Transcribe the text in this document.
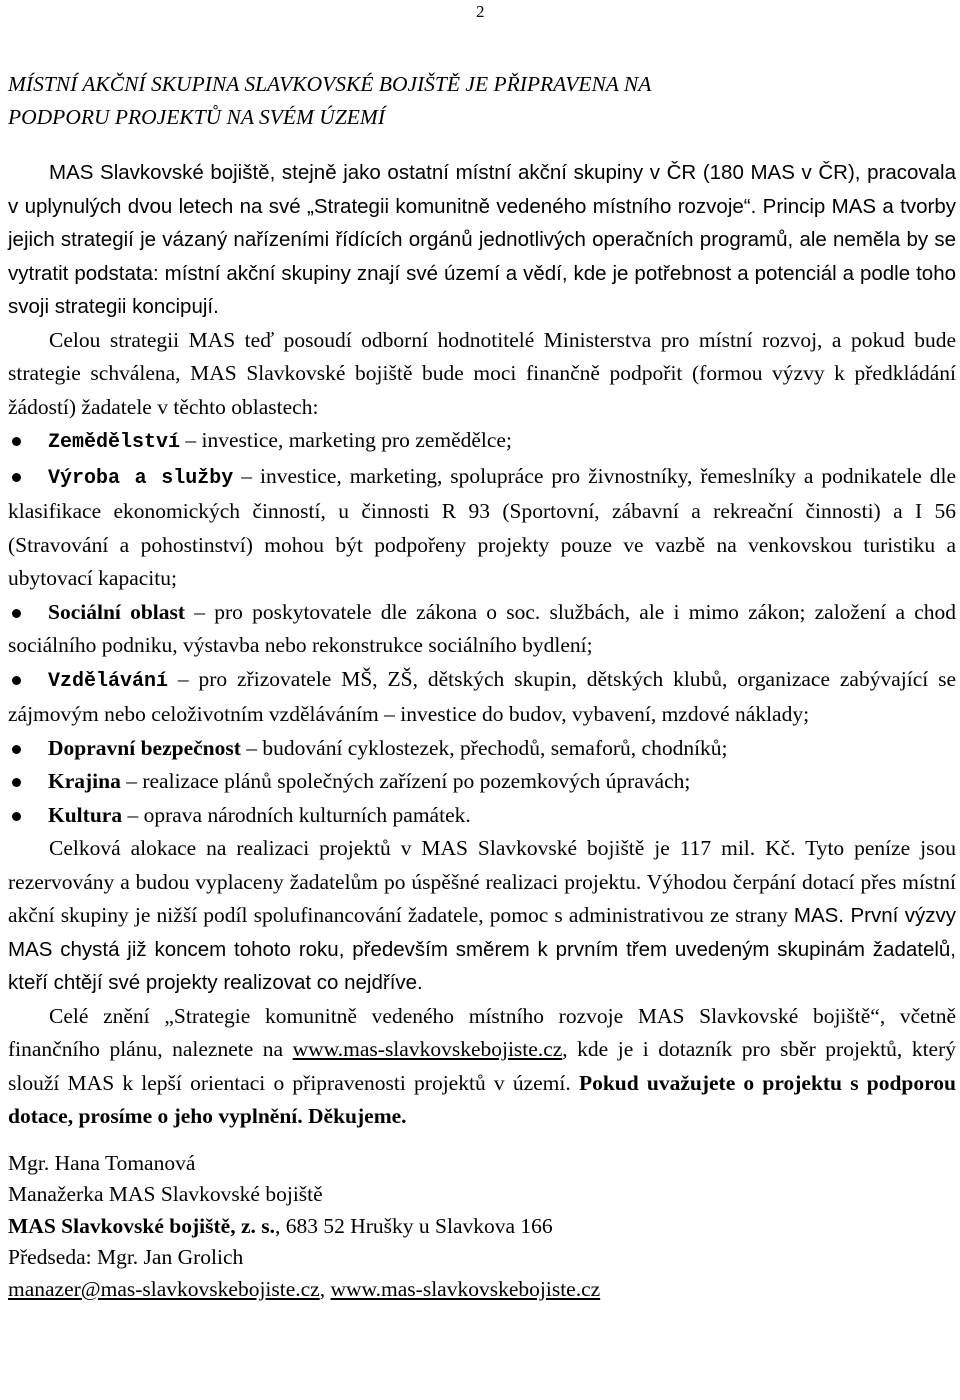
2
MÍSTNÍ AKČNÍ SKUPINA SLAVKOVSKÉ BOJIŠTĚ JE PŘIPRAVENA NA
PODPORU PROJEKTŮ NA SVÉM ÚZEMÍ

MAS Slavkovské bojiště, stejně jako ostatní místní akční skupiny v ČR (180 MAS v ČR), pracovala v uplynulých dvou letech na své „Strategii komunitně vedeného místního rozvoje“. Princip MAS a tvorby jejich strategií je vázaný nařízeními řídících orgánů jednotlivých operačních programů, ale neměla by se vytratit podstata: místní akční skupiny znají své území a vědí, kde je potřebnost a potenciál a podle toho svoji strategii koncipují.

Celou strategii MAS teď posoudí odborní hodnotitelé Ministerstva pro místní rozvoj, a pokud bude strategie schválena, MAS Slavkovské bojiště bude moci finančně podpořit (formou výzvy k předkládání žádostí) žadatele v těchto oblastech:

Zemědělství – investice, marketing pro zemědělce;
Výroba a služby – investice, marketing, spolupráce pro živnostníky, řemeslníky a podnikatele dle klasifikace ekonomických činností, u činnosti R 93 (Sportovní, zábavní a rekreační činnosti) a I 56 (Stravování a pohostinství) mohou být podpořeny projekty pouze ve vazbě na venkovskou turistiku a ubytovací kapacitu;
Sociální oblast – pro poskytovatele dle zákona o soc. službách, ale i mimo zákon; založení a chod sociálního podniku, výstavba nebo rekonstrukce sociálního bydlení;
Vzdělávání – pro zřizovatele MŠ, ZŠ, dětských skupin, dětských klubů, organizace zabývající se zájmovým nebo celoživotním vzděláváním – investice do budov, vybavení, mzdové náklady;
Dopravní bezpečnost – budování cyklostezek, přechodů, semaforů, chodníků;
Krajina – realizace plánů společných zařízení po pozemkových úpravách;
Kultura – oprava národních kulturních památek.

Celková alokace na realizaci projektů v MAS Slavkovské bojiště je 117 mil. Kč. Tyto peníze jsou rezervovány a budou vyplaceny žadatelům po úspěšné realizaci projektu. Výhodou čerpání dotací přes místní akční skupiny je nižší podíl spolufinancování žadatele, pomoc s administrativou ze strany MAS. První výzvy MAS chystá již koncem tohoto roku, především směrem k prvním třem uvedeným skupinám žadatelů, kteří chtějí své projekty realizovat co nejdříve.

Celé znění „Strategie komunitně vedeného místního rozvoje MAS Slavkovské bojiště“, včetně finančního plánu, naleznete na www.mas-slavkovskebojiste.cz, kde je i dotazník pro sběr projektů, který slouží MAS k lepší orientaci o připravenosti projektů v území. Pokud uvažujete o projektu s podporou dotace, prosíme o jeho vyplnění. Děkujeme.

Mgr. Hana Tomanová
Manažerka MAS Slavkovské bojiště
MAS Slavkovské bojiště, z. s., 683 52 Hrušky u Slavkova 166
Předseda: Mgr. Jan Grolich
manazer@mas-slavkovskebojiste.cz, www.mas-slavkovskebojiste.cz
